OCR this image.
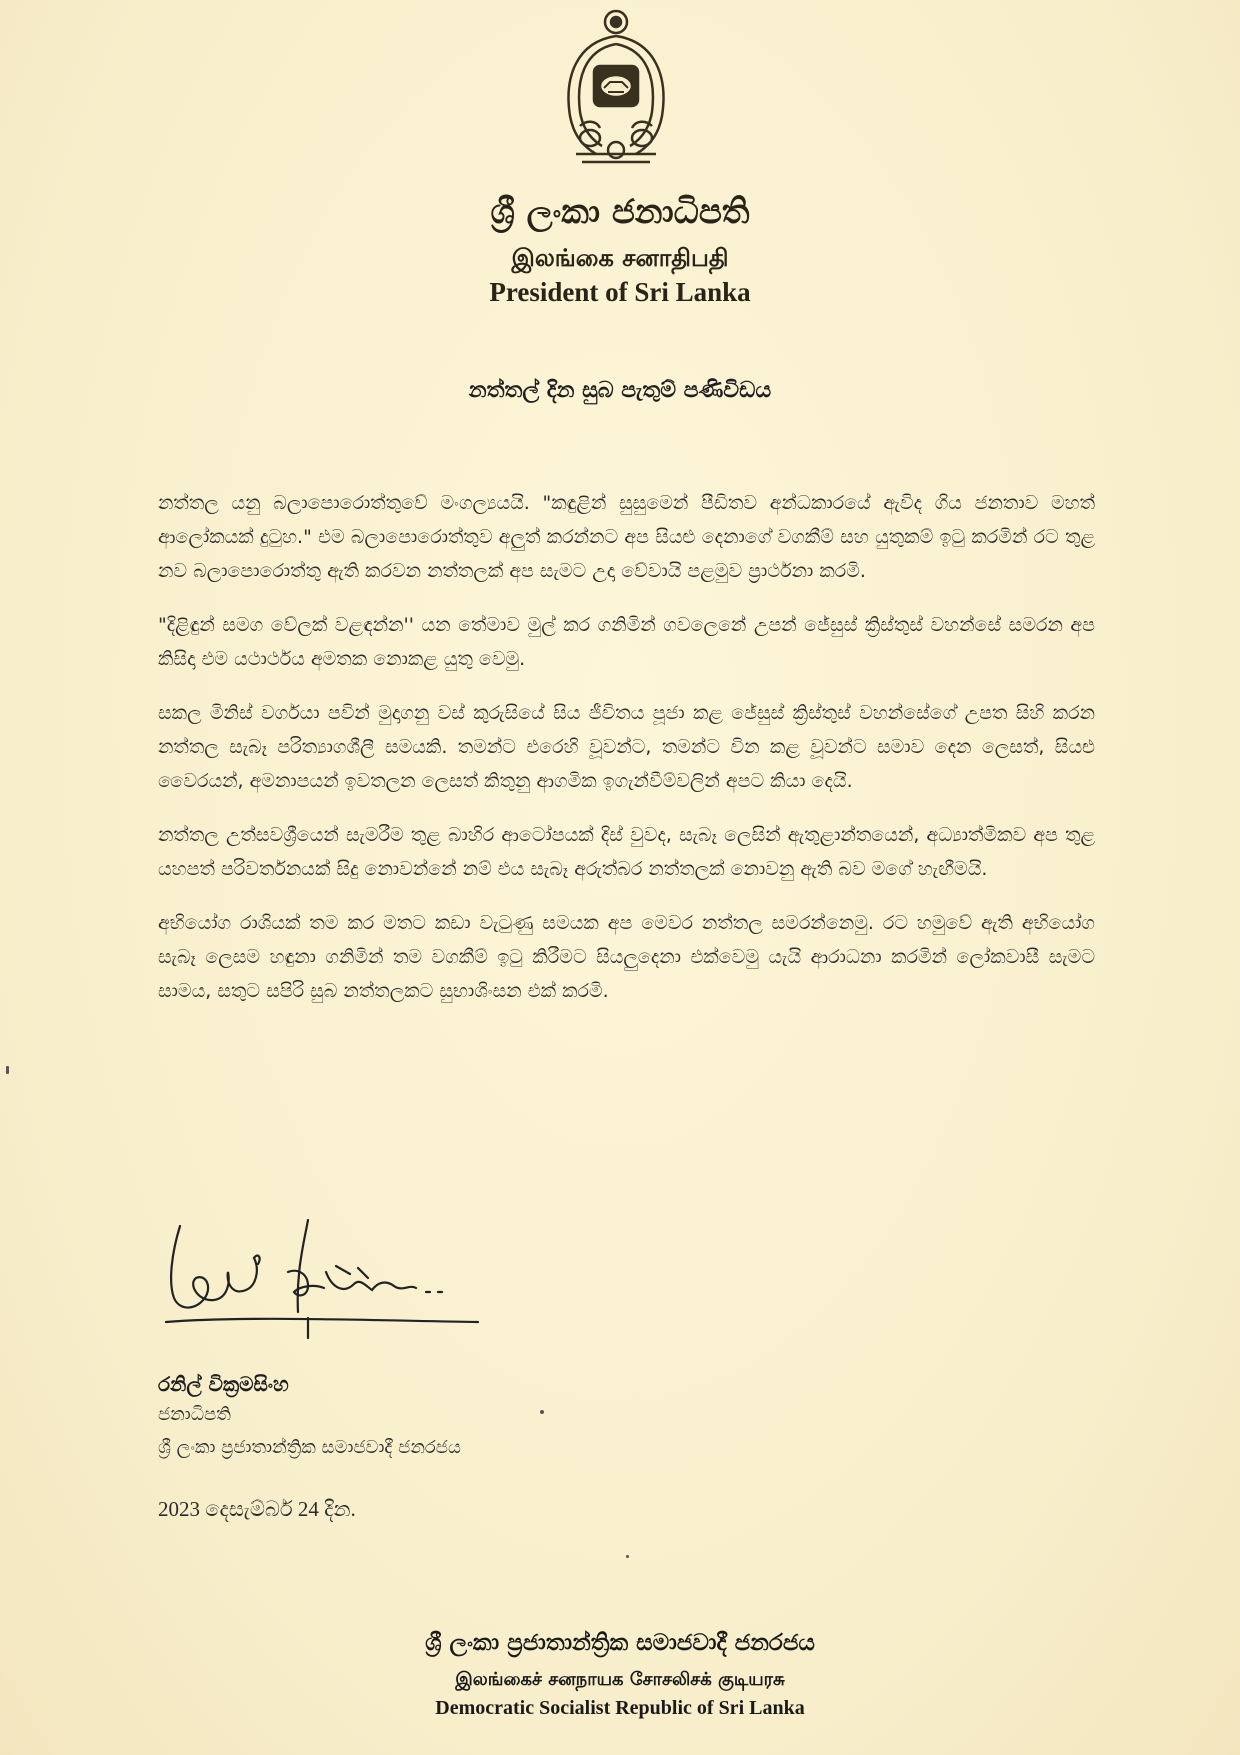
ශ්‍රී ලංකා ජනාධිපති
இலங்கை சனாதிபதி
President of Sri Lanka
නත්තල් දින සුබ පැතුම් පණිවිඩය

නත්තල යනු බලාපොරොත්තුවේ මංගල්‍යයයි. "කඳුළින් සුසුමෙන් පීඩිතව අන්ධකාරයේ ඇවිද ගිය ජනතාව මහත් ආලෝකයක් දුටුහ." එම බලාපොරොත්තුව අලුත් කරන්නට අප සියළු දෙනාගේ වගකීම් සහ යුතුකම් ඉටු කරමින් රට තුළ නව බලාපොරොත්තු ඇති කරවන නත්තලක් අප සැමට උදා වේවායි පළමුව ප්‍රාර්ථනා කරමි.

"දිළිඳුන් සමග වේලක් වළඳන්න'' යන තේමාව මුල් කර ගනිමින් ගවලෙනේ උපන් ජේසුස් ක්‍රිස්තුස් වහන්සේ සමරන අප කිසිදා එම යථාර්ථය අමතක නොකළ යුතු වෙමු.

සකල මිනිස් වර්ගයා පවින් මුදාගනු වස් කුරුසියේ සිය ජීවිතය පූජා කළ ජේසුස් ක්‍රිස්තුස් වහන්සේගේ උපත සිහි කරන නත්තල සැබෑ පරිත්‍යාගශීලී සමයකි. තමන්ට එරෙහි වූවන්ට, තමන්ට වින කළ වූවන්ට සමාව දෙන ලෙසත්, සියළු වෛරයන්, අමනාපයන් ඉවතලන ලෙසත් කිතුනු ආගමික ඉගැන්වීම්වලින් අපට කියා දෙයි.

නත්තල උත්සවශ්‍රීයෙන් සැමරීම තුළ බාහිර ආටෝපයක් දිස් වුවද, සැබෑ ලෙසින් ඇතුළාන්තයෙන්, අධ්‍යාත්මිකව අප තුළ යහපත් පරිවර්තනයක් සිදු නොවන්නේ නම් එය සැබෑ අරුත්බර නත්තලක් නොවනු ඇති බව මගේ හැඟීමයි.

අභියෝග රාශියක් තම කර මතට කඩා වැටුණු සමයක අප මෙවර නත්තල සමරන්නෙමු. රට හමුවේ ඇති අභියෝග සැබෑ ලෙසම හඳුනා ගනිමින් තම වගකීම් ඉටු කිරීමට සියලුදෙනා එක්වෙමු යැයි ආරාධනා කරමින් ලෝකවාසී සැමට සාමය, සතුට සපිරි සුබ නත්තලකට සුභාශිංසන එක් කරමි.

රනිල් වික්‍රමසිංහ
ජනාධිපති
ශ්‍රී ලංකා ප්‍රජාතාන්ත්‍රික සමාජවාදී ජනරජය
2023 දෙසැම්බර් 24 දින.
ශ්‍රී ලංකා ප්‍රජාතාන්ත්‍රික සමාජවාදී ජනරජය
இலங்கைச் சனநாயக சோசலிசக் குடியரசு
Democratic Socialist Republic of Sri Lanka
